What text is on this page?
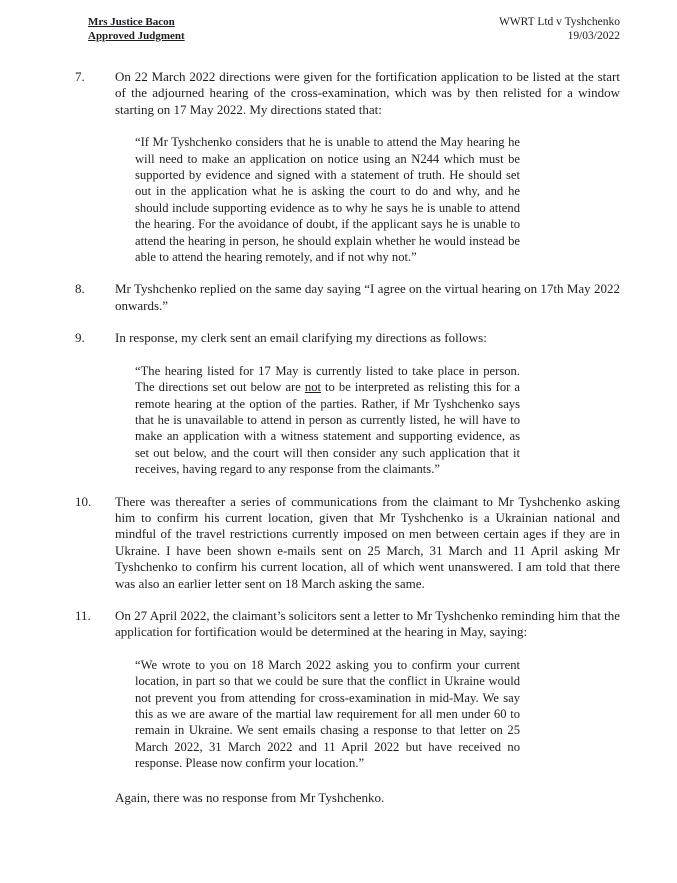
Mrs Justice Bacon
Approved Judgment
WWRT Ltd v Tyshchenko
19/03/2022
7.	On 22 March 2022 directions were given for the fortification application to be listed at the start of the adjourned hearing of the cross-examination, which was by then relisted for a window starting on 17 May 2022. My directions stated that:
“If Mr Tyshchenko considers that he is unable to attend the May hearing he will need to make an application on notice using an N244 which must be supported by evidence and signed with a statement of truth. He should set out in the application what he is asking the court to do and why, and he should include supporting evidence as to why he says he is unable to attend the hearing. For the avoidance of doubt, if the applicant says he is unable to attend the hearing in person, he should explain whether he would instead be able to attend the hearing remotely, and if not why not.”
8.	Mr Tyshchenko replied on the same day saying “I agree on the virtual hearing on 17th May 2022 onwards.”
9.	In response, my clerk sent an email clarifying my directions as follows:
“The hearing listed for 17 May is currently listed to take place in person. The directions set out below are not to be interpreted as relisting this for a remote hearing at the option of the parties. Rather, if Mr Tyshchenko says that he is unavailable to attend in person as currently listed, he will have to make an application with a witness statement and supporting evidence, as set out below, and the court will then consider any such application that it receives, having regard to any response from the claimants.”
10.	There was thereafter a series of communications from the claimant to Mr Tyshchenko asking him to confirm his current location, given that Mr Tyshchenko is a Ukrainian national and mindful of the travel restrictions currently imposed on men between certain ages if they are in Ukraine. I have been shown e-mails sent on 25 March, 31 March and 11 April asking Mr Tyshchenko to confirm his current location, all of which went unanswered. I am told that there was also an earlier letter sent on 18 March asking the same.
11.	On 27 April 2022, the claimant’s solicitors sent a letter to Mr Tyshchenko reminding him that the application for fortification would be determined at the hearing in May, saying:
“We wrote to you on 18 March 2022 asking you to confirm your current location, in part so that we could be sure that the conflict in Ukraine would not prevent you from attending for cross-examination in mid-May. We say this as we are aware of the martial law requirement for all men under 60 to remain in Ukraine. We sent emails chasing a response to that letter on 25 March 2022, 31 March 2022 and 11 April 2022 but have received no response. Please now confirm your location.”
Again, there was no response from Mr Tyshchenko.
